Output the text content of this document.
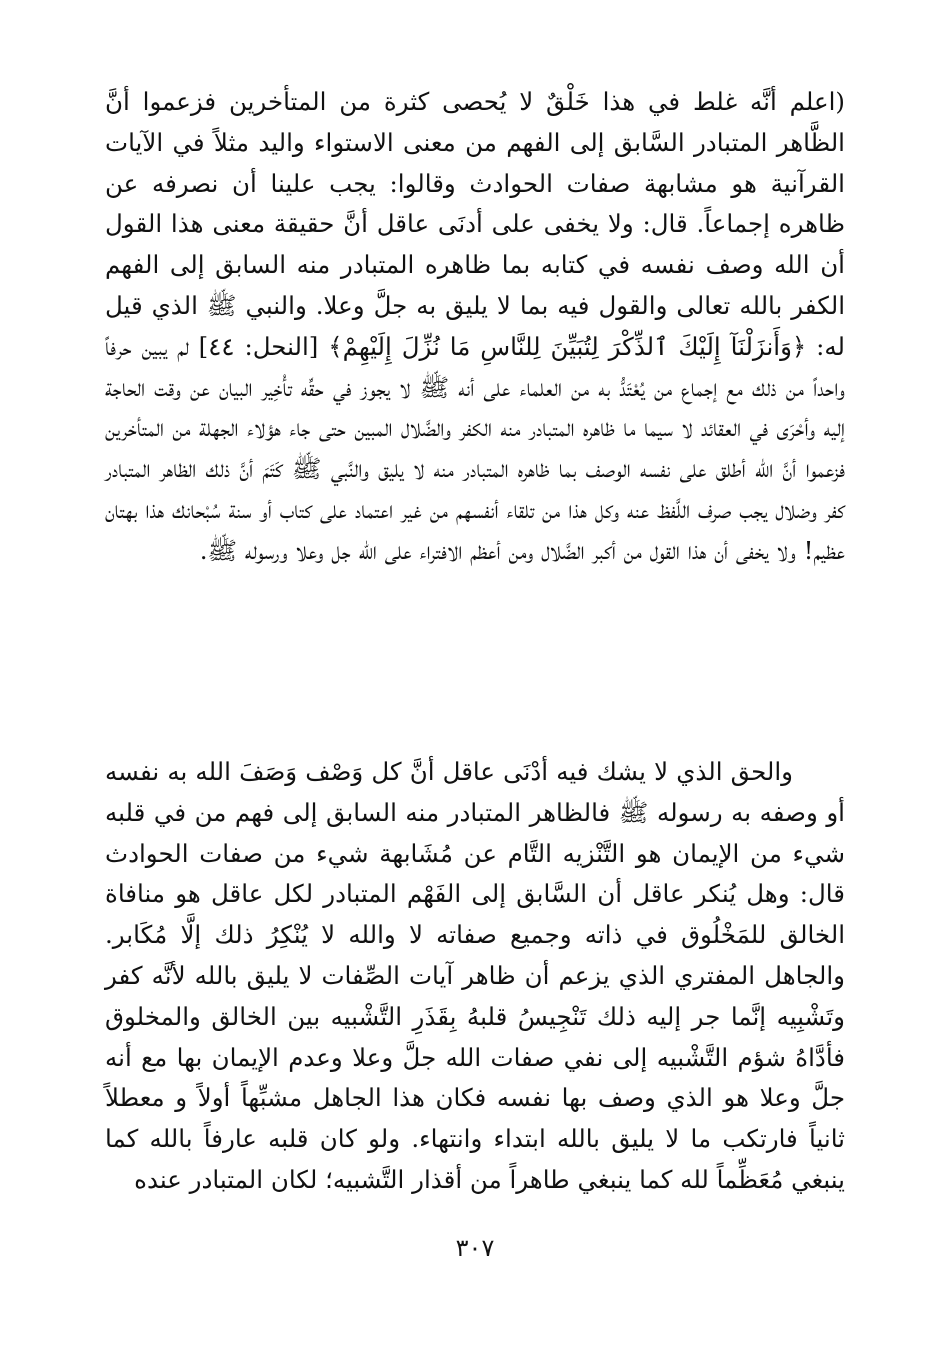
(اعلم أنَّه غلط في هذا خَلْقٌ لا يُحصى كثرة من المتأخرين فزعموا أنَّ الظَّاهر المتبادر السَّابق إلى الفهم من معنى الاستواء واليد مثلاً في الآيات القرآنية هو مشابهة صفات الحوادث وقالوا: يجب علينا أن نصرفه عن ظاهره إجماعاً. قال: ولا يخفى على أدنَى عاقل أنَّ حقيقة معنى هذا القول أن الله وصف نفسه في كتابه بما ظاهره المتبادر منه السابق إلى الفهم الكفر بالله تعالى والقول فيه بما لا يليق به جلَّ وعلا. والنبي ﷺ الذي قيل له: ﴿وَأَنزَلْنَآ إِلَيْكَ ٱلذِّكْرَ لِتُبَيِّنَ لِلنَّاسِ مَا نُزِّلَ إِلَيْهِمْ﴾ [النحل: ٤٤] لم يبين حرفاً واحداً من ذلك مع إجماع من يُعْتَدُّ به من العلماء على أنه ﷺ لا يجوز في حقِّه تأْخِير البيان عن وقت الحاجة إليه وأحْرَى في العقائد لا سيما ما ظاهره المتبادر منه الكفر والضَّلال المبين حتى جاء هؤلاء الجهلة من المتأخرين فزعموا أنَّ الله أطلق على نفسه الوصف بما ظاهره المتبادر منه لا يليق والنَّبي ﷺ كَتَمَ أنَّ ذلك الظاهر المتبادر كفر وضلال يجب صرف اللَّفظ عنه وكل هذا من تلقاء أنفسهم من غير اعتماد على كتاب أو سنة سُبْحانك هذا بهتان عظيم! ولا يخفى أن هذا القول من أكبر الضَّلال ومن أعظم الافتراء على الله جل وعلا ورسوله ﷺ.

والحق الذي لا يشك فيه أدْنَى عاقل أنَّ كل وَصْف وَصَفَ الله به نفسه أو وصفه به رسوله ﷺ فالظاهر المتبادر منه السابق إلى فهم من في قلبه شيء من الإيمان هو التَّنْزيه التَّام عن مُشَابهة شيء من صفات الحوادث قال: وهل يُنكر عاقل أن السَّابق إلى الفَهْم المتبادر لكل عاقل هو منافاة الخالق للمَخْلُوق في ذاته وجميع صفاته لا والله لا يُنْكِرُ ذلك إلَّا مُكَابر. والجاهل المفتري الذي يزعم أن ظاهر آيات الصِّفات لا يليق بالله لأنَّه كفر وتَشْبِيه إنَّما جر إليه ذلك تَنْجِيسُ قلبهُ بِقَذَرِ التَّشْبيه بين الخالق والمخلوق فأدَّاهُ شؤم التَّشْبيه إلى نفي صفات الله جلَّ وعلا وعدم الإيمان بها مع أنه جلَّ وعلا هو الذي وصف بها نفسه فكان هذا الجاهل مشبِّهاً أولاً و معطلاً ثانياً فارتكب ما لا يليق بالله ابتداء وانتهاء. ولو كان قلبه عارفاً بالله كما ينبغي مُعَظِّماً لله كما ينبغي طاهراً من أقذار التَّشبيه؛ لكان المتبادر عنده

٣٠٧
